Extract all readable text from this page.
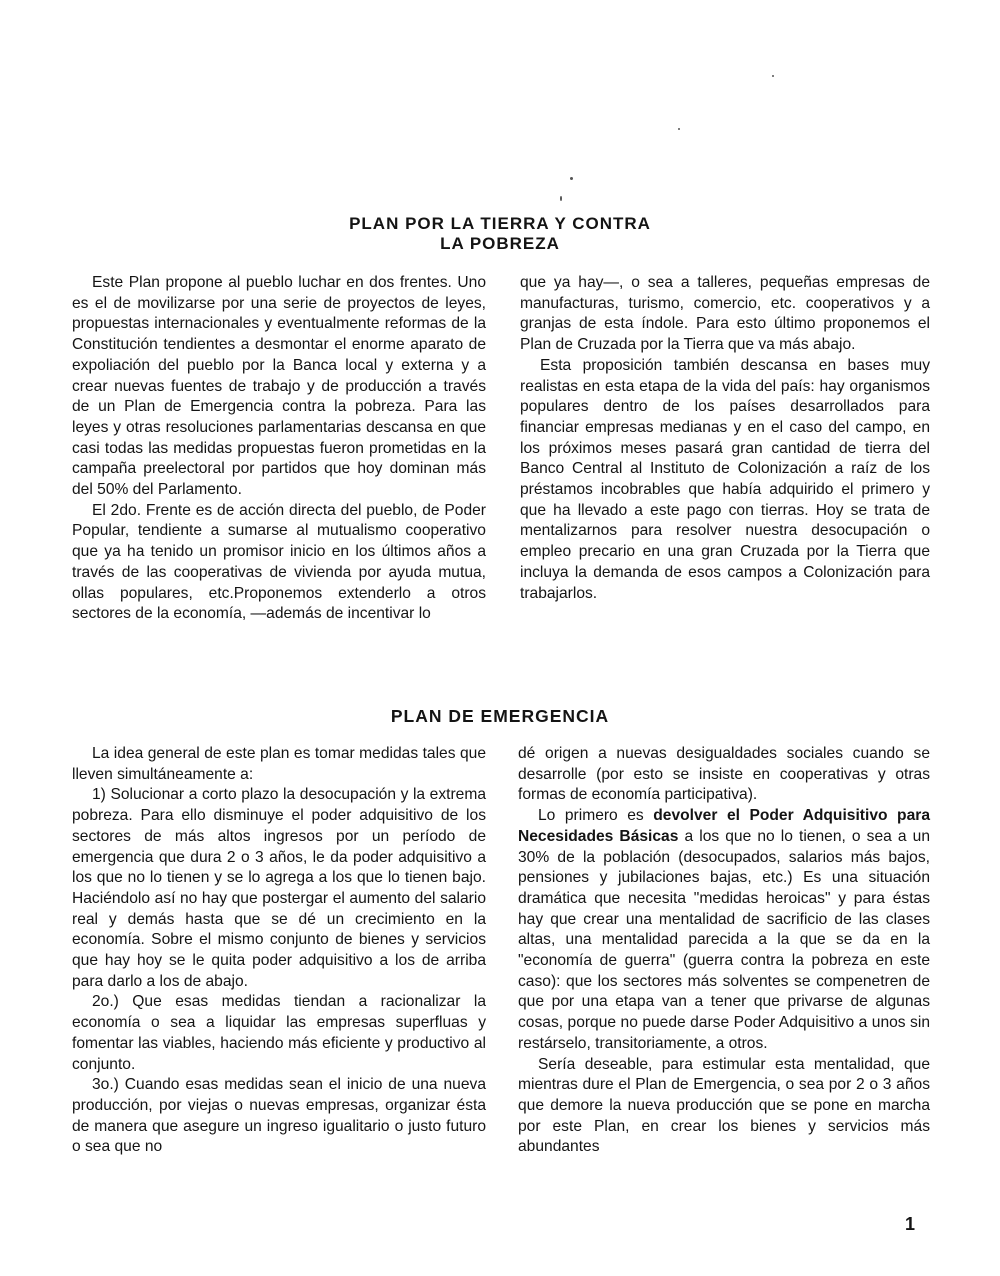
PLAN POR LA TIERRA Y CONTRA
LA POBREZA

Este Plan propone al pueblo luchar en dos frentes. Uno es el de movilizarse por una serie de proyectos de leyes, propuestas internacionales y eventualmente reformas de la Constitución tendientes a desmontar el enorme aparato de expoliación del pueblo por la Banca local y externa y a crear nuevas fuentes de trabajo y de producción a través de un Plan de Emergencia contra la pobreza. Para las leyes y otras resoluciones parlamentarias descansa en que casi todas las medidas propuestas fueron prometidas en la campaña preelectoral por partidos que hoy dominan más del 50% del Parlamento.

El 2do. Frente es de acción directa del pueblo, de Poder Popular, tendiente a sumarse al mutualismo cooperativo que ya ha tenido un promisor inicio en los últimos años a través de las cooperativas de vivienda por ayuda mutua, ollas populares, etc.Proponemos extenderlo a otros sectores de la economía, —además de incentivar lo

que ya hay—, o sea a talleres, pequeñas empresas de manufacturas, turismo, comercio, etc. cooperativos y a granjas de esta índole. Para esto último proponemos el Plan de Cruzada por la Tierra que va más abajo.

Esta proposición también descansa en bases muy realistas en esta etapa de la vida del país: hay organismos populares dentro de los países desarrollados para financiar empresas medianas y en el caso del campo, en los próximos meses pasará gran cantidad de tierra del Banco Central al Instituto de Colonización a raíz de los préstamos incobrables que había adquirido el primero y que ha llevado a este pago con tierras. Hoy se trata de mentalizarnos para resolver nuestra desocupación o empleo precario en una gran Cruzada por la Tierra que incluya la demanda de esos campos a Colonización para trabajarlos.

PLAN DE EMERGENCIA

La idea general de este plan es tomar medidas tales que lleven simultáneamente a:

1) Solucionar a corto plazo la desocupación y la extrema pobreza. Para ello disminuye el poder adquisitivo de los sectores de más altos ingresos por un período de emergencia que dura 2 o 3 años, le da poder adquisitivo a los que no lo tienen y se lo agrega a los que lo tienen bajo. Haciéndolo así no hay que postergar el aumento del salario real y demás hasta que se dé un crecimiento en la economía. Sobre el mismo conjunto de bienes y servicios que hay hoy se le quita poder adquisitivo a los de arriba para darlo a los de abajo.

2o.) Que esas medidas tiendan a racionalizar la economía o sea a liquidar las empresas superfluas y fomentar las viables, haciendo más eficiente y productivo al conjunto.

3o.) Cuando esas medidas sean el inicio de una nueva producción, por viejas o nuevas empresas, organizar ésta de manera que asegure un ingreso igualitario o justo futuro o sea que no

dé origen a nuevas desigualdades sociales cuando se desarrolle (por esto se insiste en cooperativas y otras formas de economía participativa).

Lo primero es devolver el Poder Adquisitivo para Necesidades Básicas a los que no lo tienen, o sea a un 30% de la población (desocupados, salarios más bajos, pensiones y jubilaciones bajas, etc.) Es una situación dramática que necesita "medidas heroicas" y para éstas hay que crear una mentalidad de sacrificio de las clases altas, una mentalidad parecida a la que se da en la "economía de guerra" (guerra contra la pobreza en este caso): que los sectores más solventes se compenetren de que por una etapa van a tener que privarse de algunas cosas, porque no puede darse Poder Adquisitivo a unos sin restárselo, transitoriamente, a otros.

Sería deseable, para estimular esta mentalidad, que mientras dure el Plan de Emergencia, o sea por 2 o 3 años que demore la nueva producción que se pone en marcha por este Plan, en crear los bienes y servicios más abundantes

1
